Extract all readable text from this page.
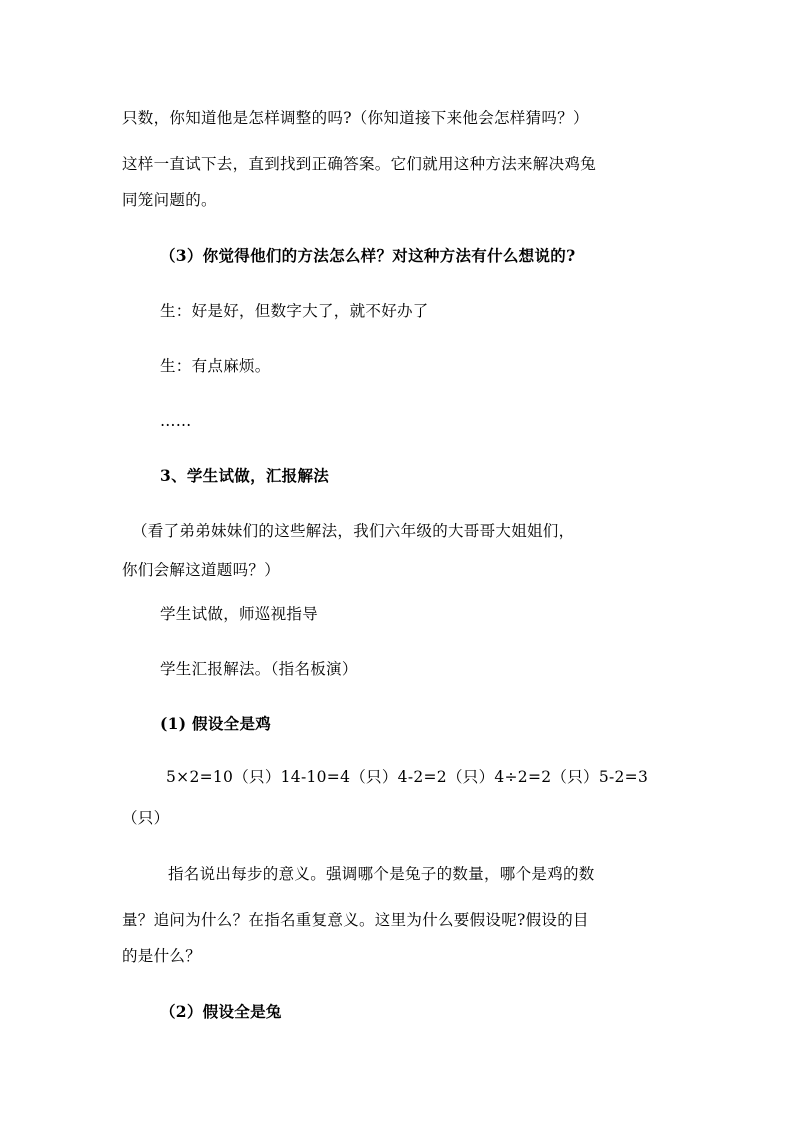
只数，你知道他是怎样调整的吗?（你知道接下来他会怎样猜吗？）
这样一直试下去，直到找到正确答案。它们就用这种方法来解决鸡兔
同笼问题的。
（3）你觉得他们的方法怎么样？对这种方法有什么想说的?
生：好是好，但数字大了，就不好办了
生：有点麻烦。
……
3、学生试做，汇报解法
（看了弟弟妹妹们的这些解法，我们六年级的大哥哥大姐姐们，
你们会解这道题吗？）
学生试做，师巡视指导
学生汇报解法。（指名板演）
(1) 假设全是鸡
5×2=10（只）14-10=4（只）4-2=2（只）4÷2=2（只）5-2=3
（只）
指名说出每步的意义。强调哪个是兔子的数量，哪个是鸡的数
量？追问为什么？在指名重复意义。这里为什么要假设呢?假设的目
的是什么？
（2）假设全是兔
